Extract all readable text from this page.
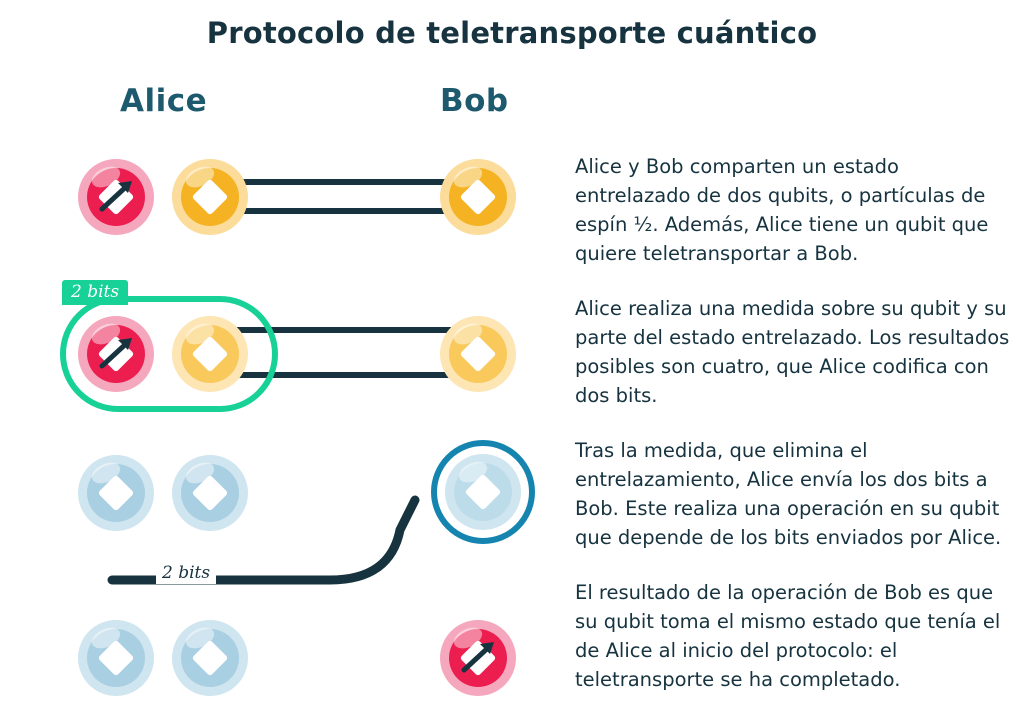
Protocolo de teletransporte cuántico
Alice	Bob
2 bits
2 bits

Alice y Bob comparten un estado entrelazado de dos qubits, o partículas de espín ½. Además, Alice tiene un qubit que quiere teletransportar a Bob.

Alice realiza una medida sobre su qubit y su parte del estado entrelazado. Los resultados posibles son cuatro, que Alice codifica con dos bits.

Tras la medida, que elimina el entrelazamiento, Alice envía los dos bits a Bob. Este realiza una operación en su qubit que depende de los bits enviados por Alice.

El resultado de la operación de Bob es que su qubit toma el mismo estado que tenía el de Alice al inicio del protocolo: el teletransporte se ha completado.
